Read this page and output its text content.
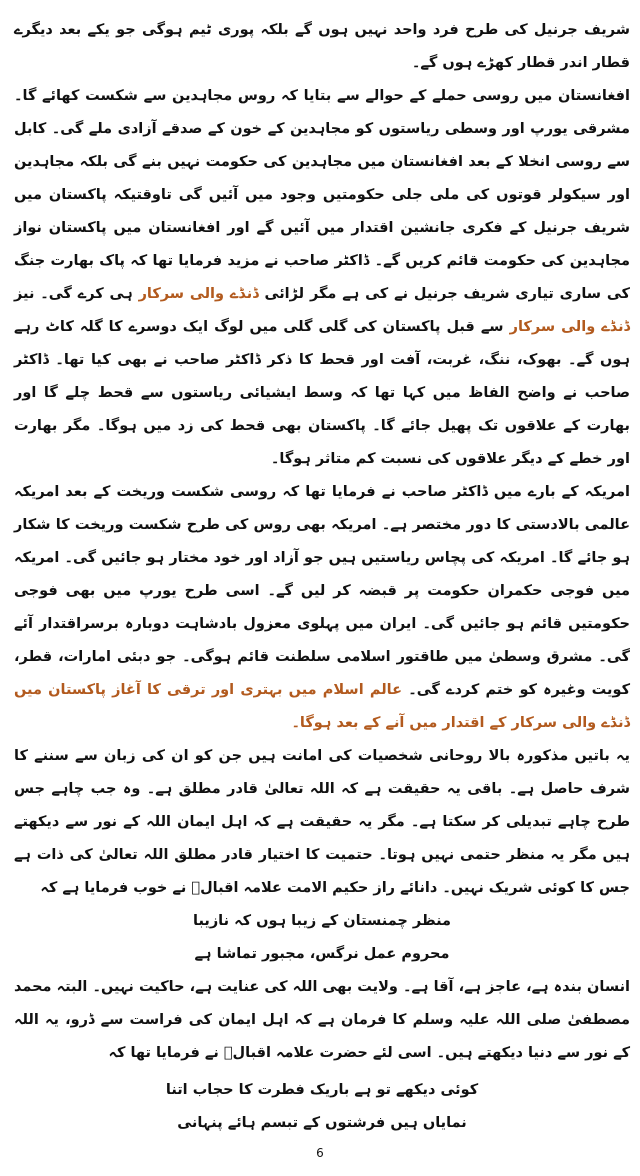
شریف جرنیل کی طرح فرد واحد نہیں ہوں گے بلکہ پوری ٹیم ہوگی جو یکے بعد دیگرے قطار اندر قطار کھڑے ہوں گے۔

افغانستان میں روسی حملے کے حوالے سے بتایا کہ روس مجاہدین سے شکست کھائے گا۔ مشرقی یورپ اور وسطی ریاستوں کو مجاہدین کے خون کے صدقے آزادی ملے گی۔ کابل سے روسی انخلا کے بعد افغانستان میں مجاہدین کی حکومت نہیں بنے گی بلکہ مجاہدین اور سیکولر قوتوں کی ملی جلی حکومتیں وجود میں آئیں گی تاوقتیکہ پاکستان میں شریف جرنیل کے فکری جانشین اقتدار میں آئیں گے اور افغانستان میں پاکستان نواز مجاہدین کی حکومت قائم کریں گے۔ ڈاکٹر صاحب نے مزید فرمایا تھا کہ پاک بھارت جنگ کی ساری تیاری شریف جرنیل نے کی ہے مگر لڑائی ڈنڈے والی سرکار ہی کرے گی۔ نیز ڈنڈے والی سرکار سے قبل پاکستان کی گلی گلی میں لوگ ایک دوسرے کا گلہ کاٹ رہے ہوں گے۔ بھوک، ننگ، غربت، آفت اور قحط کا ذکر ڈاکٹر صاحب نے بھی کیا تھا۔ ڈاکٹر صاحب نے واضح الفاظ میں کہا تھا کہ وسط ایشیائی ریاستوں سے قحط چلے گا اور بھارت کے علاقوں تک پھیل جائے گا۔ پاکستان بھی قحط کی زد میں ہوگا۔ مگر بھارت اور خطے کے دیگر علاقوں کی نسبت کم متاثر ہوگا۔

امریکہ کے بارے میں ڈاکٹر صاحب نے فرمایا تھا کہ روسی شکست وریخت کے بعد امریکہ عالمی بالادستی کا دور مختصر ہے۔ امریکہ بھی روس کی طرح شکست وریخت کا شکار ہو جائے گا۔ امریکہ کی پچاس ریاستیں ہیں جو آزاد اور خود مختار ہو جائیں گی۔ امریکہ میں فوجی حکمران حکومت پر قبضہ کر لیں گے۔ اسی طرح یورپ میں بھی فوجی حکومتیں قائم ہو جائیں گی۔ ایران میں پہلوی معزول بادشاہت دوبارہ برسراقتدار آئے گی۔ مشرق وسطیٰ میں طاقتور اسلامی سلطنت قائم ہوگی۔ جو دبئی امارات، قطر، کویت وغیرہ کو ختم کردے گی۔ عالم اسلام میں بہتری اور ترقی کا آغاز پاکستان میں ڈنڈے والی سرکار کے اقتدار میں آنے کے بعد ہوگا۔

یہ باتیں مذکورہ بالا روحانی شخصیات کی امانت ہیں جن کو ان کی زبان سے سننے کا شرف حاصل ہے۔ باقی یہ حقیقت ہے کہ اللہ تعالیٰ قادر مطلق ہے۔ وہ جب چاہے جس طرح چاہے تبدیلی کر سکتا ہے۔ مگر یہ حقیقت ہے کہ اہل ایمان اللہ کے نور سے دیکھتے ہیں مگر یہ منظر حتمی نہیں ہوتا۔ حتمیت کا اختیار قادر مطلق اللہ تعالیٰ کی ذات ہے جس کا کوئی شریک نہیں۔ دانائے راز حکیم الامت علامہ اقبالؒ نے خوب فرمایا ہے کہ

منظر چمنستان کے زیبا ہوں کہ نازیبا

محروم عمل نرگس، مجبور تماشا ہے

انسان بندہ ہے، عاجز ہے، آقا ہے۔ ولایت بھی اللہ کی عنایت ہے، حاکیت نہیں۔ البتہ محمد مصطفیٰ صلی اللہ علیہ وسلم کا فرمان ہے کہ اہل ایمان کی فراست سے ڈرو، یہ اللہ کے نور سے دنیا دیکھتے ہیں۔ اسی لئے حضرت علامہ اقبالؒ نے فرمایا تھا کہ

کوئی دیکھے تو ہے باریک فطرت کا حجاب اتنا

نمایاں ہیں فرشتوں کے تبسم ہائے پنہانی

6
